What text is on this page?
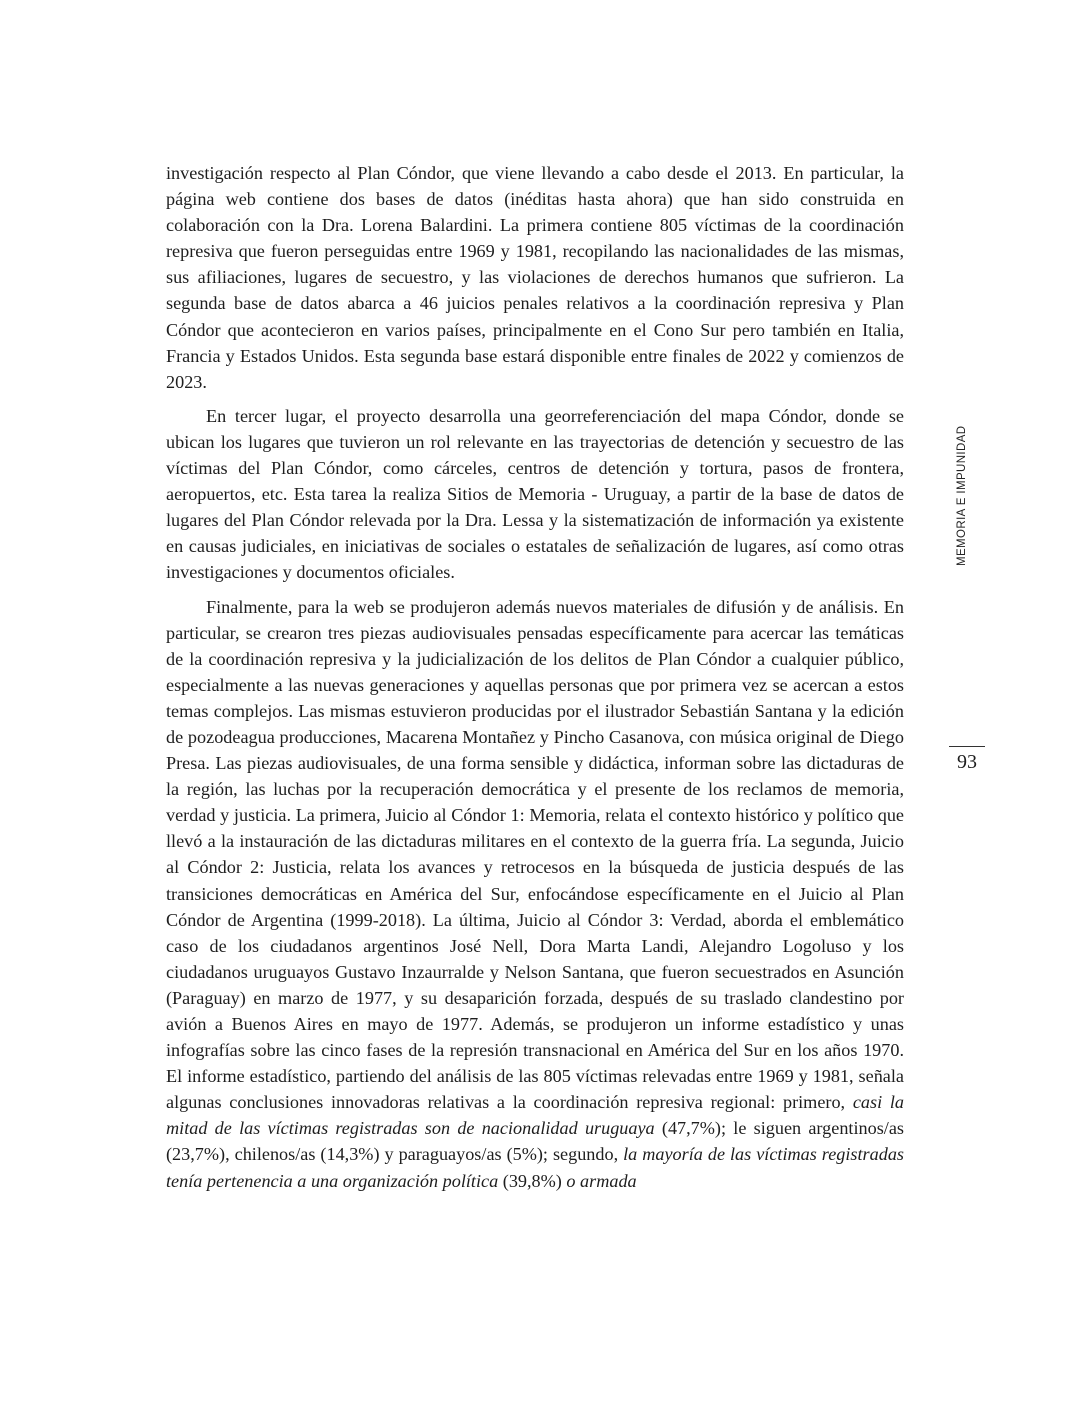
investigación respecto al Plan Cóndor, que viene llevando a cabo desde el 2013. En particular, la página web contiene dos bases de datos (inéditas hasta ahora) que han sido construida en colaboración con la Dra. Lorena Balardini. La primera contiene 805 víctimas de la coordinación represiva que fueron perseguidas entre 1969 y 1981, recopilando las nacionalidades de las mismas, sus afiliaciones, lugares de secuestro, y las violaciones de derechos humanos que sufrieron. La segunda base de datos abarca a 46 juicios penales relativos a la coordinación represiva y Plan Cóndor que acontecieron en varios países, principalmente en el Cono Sur pero también en Italia, Francia y Estados Unidos. Esta segunda base estará disponible entre finales de 2022 y comienzos de 2023.

En tercer lugar, el proyecto desarrolla una georreferenciación del mapa Cóndor, donde se ubican los lugares que tuvieron un rol relevante en las trayectorias de detención y secuestro de las víctimas del Plan Cóndor, como cárceles, centros de detención y tortura, pasos de frontera, aeropuertos, etc. Esta tarea la realiza Sitios de Memoria - Uruguay, a partir de la base de datos de lugares del Plan Cóndor relevada por la Dra. Lessa y la sistematización de información ya existente en causas judiciales, en iniciativas de sociales o estatales de señalización de lugares, así como otras investigaciones y documentos oficiales.

Finalmente, para la web se produjeron además nuevos materiales de difusión y de análisis. En particular, se crearon tres piezas audiovisuales pensadas específicamente para acercar las temáticas de la coordinación represiva y la judicialización de los delitos de Plan Cóndor a cualquier público, especialmente a las nuevas generaciones y aquellas personas que por primera vez se acercan a estos temas complejos. Las mismas estuvieron producidas por el ilustrador Sebastián Santana y la edición de pozodeagua producciones, Macarena Montañez y Pincho Casanova, con música original de Diego Presa. Las piezas audiovisuales, de una forma sensible y didáctica, informan sobre las dictaduras de la región, las luchas por la recuperación democrática y el presente de los reclamos de memoria, verdad y justicia. La primera, Juicio al Cóndor 1: Memoria, relata el contexto histórico y político que llevó a la instauración de las dictaduras militares en el contexto de la guerra fría. La segunda, Juicio al Cóndor 2: Justicia, relata los avances y retrocesos en la búsqueda de justicia después de las transiciones democráticas en América del Sur, enfocándose específicamente en el Juicio al Plan Cóndor de Argentina (1999-2018). La última, Juicio al Cóndor 3: Verdad, aborda el emblemático caso de los ciudadanos argentinos José Nell, Dora Marta Landi, Alejandro Logoluso y los ciudadanos uruguayos Gustavo Inzaurralde y Nelson Santana, que fueron secuestrados en Asunción (Paraguay) en marzo de 1977, y su desaparición forzada, después de su traslado clandestino por avión a Buenos Aires en mayo de 1977. Además, se produjeron un informe estadístico y unas infografías sobre las cinco fases de la represión transnacional en América del Sur en los años 1970. El informe estadístico, partiendo del análisis de las 805 víctimas relevadas entre 1969 y 1981, señala algunas conclusiones innovadoras relativas a la coordinación represiva regional: primero, casi la mitad de las víctimas registradas son de nacionalidad uruguaya (47,7%); le siguen argentinos/as (23,7%), chilenos/as (14,3%) y paraguayos/as (5%); segundo, la mayoría de las víctimas registradas tenía pertenencia a una organización política (39,8%) o armada

MEMORIA E IMPUNIDAD
93
